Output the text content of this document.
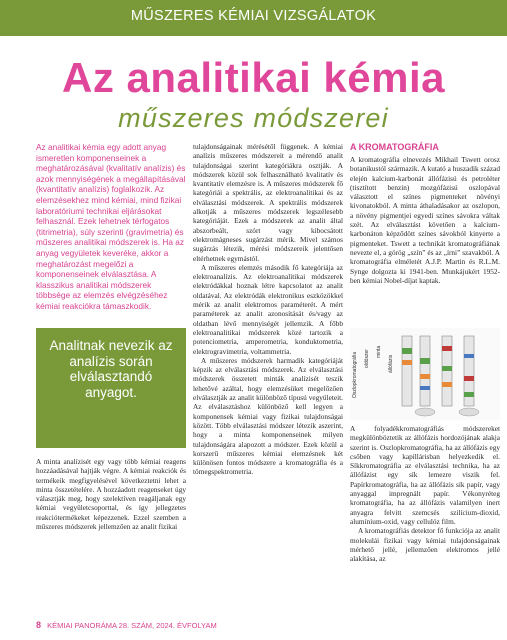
MŰSZERES KÉMIAI VIZSGÁLATOK
Az analitikai kémia
műszeres módszerei
Az analitikai kémia egy adott anyag ismeretlen komponenseinek a meghatározásával (kvalitatív analízis) és azok mennyiségének a megállapításával (kvantitatív analízis) foglalkozik. Az elemzésekhez mind kémiai, mind fizikai laboratóriumi technikai eljárásokat felhasznál. Ezek lehetnek térfogatos (titrimetria), súly szerinti (gravimetria) és műszeres analitikai módszerek is. Ha az anyag vegyületek keveréke, akkor a meghatározást megelőzi a komponenseinek elválasztása. A klasszikus analitikai módszerek többsége az elemzés elvégzéséhez kémiai reakciókra támaszkodik.
Analitnak nevezik az analízis során elválasztandó anyagot.

A minta analízisét egy vagy több kémiai reagens hozzáadásával hajtják végre. A kémiai reakciók és termékeik megfigyelésével következtetni lehet a minta összetételére. A hozzáadott reagenseket úgy választják meg, hogy szelektíven reagáljanak egy kémiai vegyületcsoporttal, és így jellegzetes reakciótermékeket képezzenek. Ezzel szemben a műszeres módszerek jellemzően az analit fizikai

tulajdonságainak mérésétől függenek. A kémiai analízis műszeres módszereit a mérendő analit tulajdonságai szerint kategóriákra osztják. A módszerek közül sok felhasználható kvalitatív és kvantitatív elemzésre is. A műszeres módszerek fő kategóriái a spektrális, az elektroanalitikai és az elválasztási módszerek. A spektrális módszerek alkotják a műszeres módszerek legszélesebb kategóriáját. Ezek a módszerek az analit által abszorbeált, szórt vagy kibocsátott elektromágneses sugárzást mérik. Mivel számos sugárzás létezik, mérési módszereik jelentősen eltérhetnek egymástól.

A műszeres elemzés második fő kategóriája az elektroanalízis. Az elektroanalitikai módszerek elektródákkal hoznak létre kapcsolatot az analit oldatával. Az elektródák elektronikus eszközökkel mérik az analit elektromos paraméterét. A mért paraméterek az analit azonosítását és/vagy az oldatban lévő mennyiségét jellemzik. A főbb elektroanalitikai módszerek közé tartozik a potenciometria, amperometria, konduktometria, elektrogravimetria, voltammetria.

A műszeres módszerek harmadik kategóriáját képzik az elválasztási módszerek. Az elválasztási módszerek összetett minták analízisét teszik lehetővé azáltal, hogy elemzésüket megelőzően elválasztják az analit különböző típusú vegyületeit. Az elválasztáshoz különböző kell legyen a komponensek kémiai vagy fizikai tulajdonságai között. Több elválasztási módszer létezik aszerint, hogy a minta komponenseinek milyen tulajdonságára alapozott a módszer. Ezek közül a korszerű műszeres kémiai elemzésnek két különösen fontos módszere a kromatográfia és a tömegspektrometria.

A KROMATOGRÁFIA

A kromatográfia elnevezés Mikhail Tswett orosz botanikustól származik. A kutató a huszadik század elején kalcium-karbonát állófázisú és petroléter (tisztított benzin) mozgófázisú oszlopával választott el színes pigmenteket növényi kivonatokból. A minta áthaladásakor az oszlopon, a növény pigmentjei egyedi színes sávokra váltak szét. Az elválasztást követően a kalcium-karbonáton képződött színes sávokból kinyerte a pigmenteket. Tswett a technikát kromatográfiának nevezte el, a görög „szín” és az „írni” szavakból. A kromatográfia elméletét A.J.P. Martin és R.L.M. Synge dolgozta ki 1941-ben. Munkájukért 1952-ben kémiai Nobel-díjat kaptak.

Oszlopkromatográfia oldószer minta
állófázis

A folyadékkromatográfiás módszereket megkülönböztetik az állófázis hordozójának alakja szerint is. Oszlopkromatográfia, ha az állófázis egy csőben vagy kapillárisban helyezkedik el. Síkkromatográfia az elválasztási technika, ha az állófázist egy sík lemezre viszik fel. Papírkromatográfia, ha az állófázis sík papír, vagy anyaggal impregnált papír. Vékonyréteg kromatográfia, ha az állófázis valamilyen inert anyagra felvitt szemcsés szilícium-dioxid, alumínium-oxid, vagy cellulóz film.

A kromatográfiás detektor fő funkciója az analit molekulái fizikai vagy kémiai tulajdonságainak mérhető jellé, jellemzően elektromos jellé alakítása, az

8 KÉMIAI PANORÁMA 28. SZÁM, 2024. ÉVFOLYAM
